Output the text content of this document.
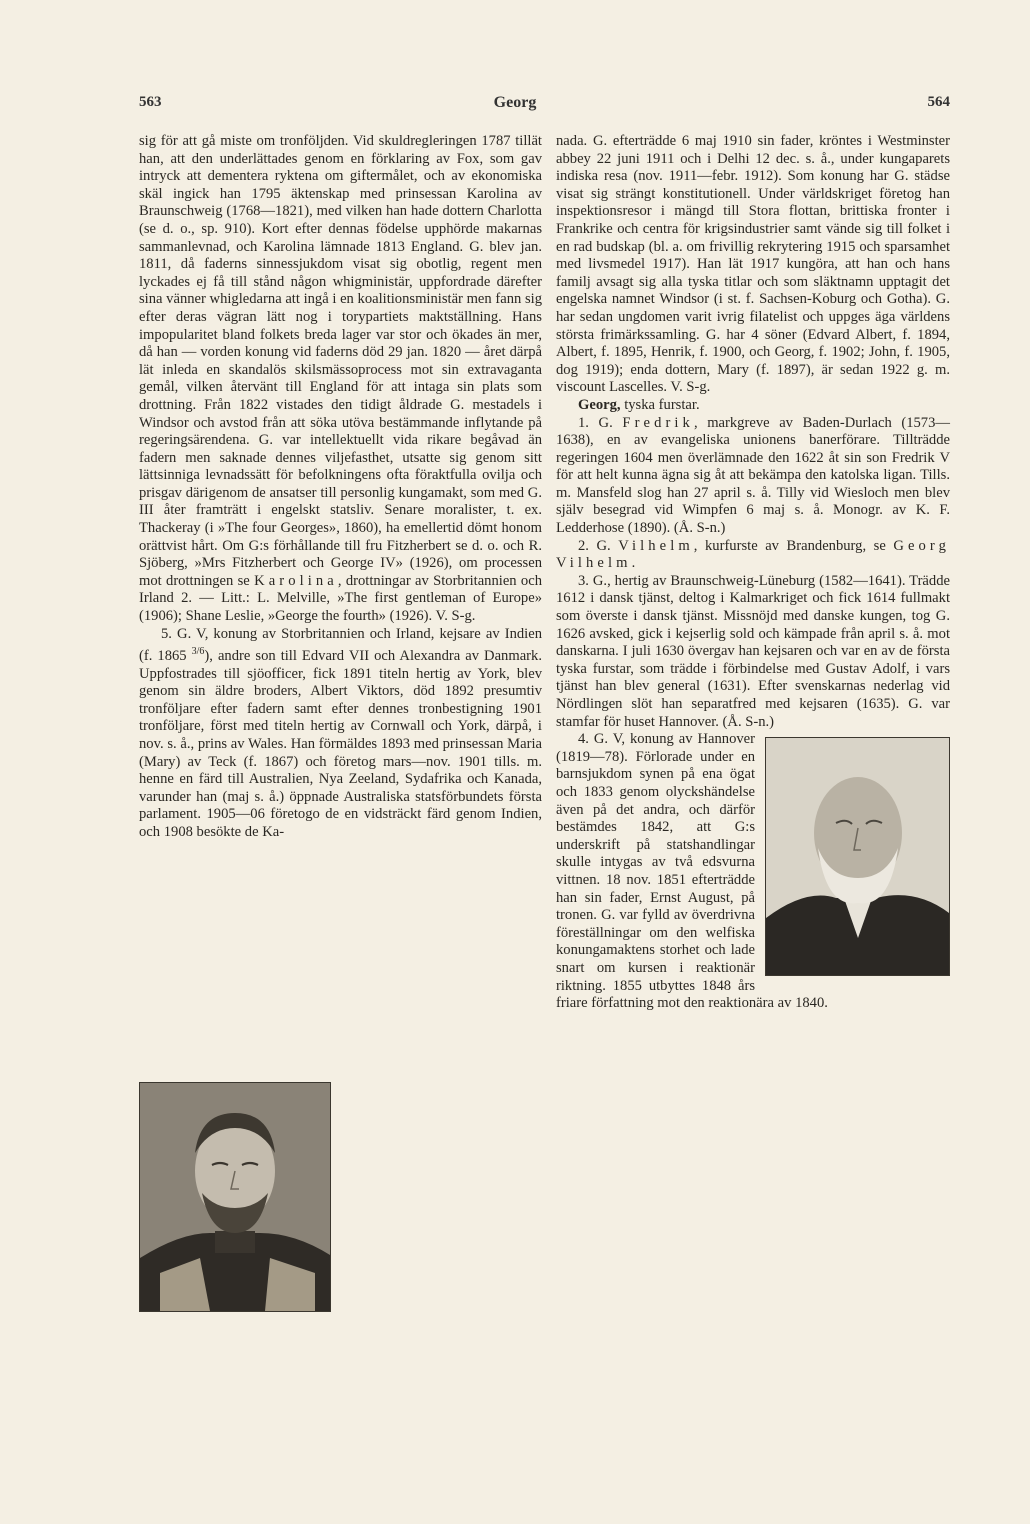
Georg
563	564

sig för att gå miste om tronföljden. Vid skuldregleringen 1787 tillät han, att den underlättades genom en förklaring av Fox, som gav intryck att dementera ryktena om giftermålet, och av ekonomiska skäl ingick han 1795 äktenskap med prinsessan Karolina av Braunschweig (1768—1821), med vilken han hade dottern Charlotta (se d. o., sp. 910). Kort efter dennas födelse upphörde makarnas sammanlevnad, och Karolina lämnade 1813 England. G. blev jan. 1811, då faderns sinnessjukdom visat sig obotlig, regent men lyckades ej få till stånd någon whigministär, uppfordrade därefter sina vänner whigledarna att ingå i en koalitionsministär men fann sig efter deras vägran lätt nog i torypartiets maktställning. Hans impopularitet bland folkets breda lager var stor och ökades än mer, då han — vorden konung vid faderns död 29 jan. 1820 — året därpå lät inleda en skandalös skilsmässoprocess mot sin extravaganta gemål, vilken återvänt till England för att intaga sin plats som drottning. Från 1822 vistades den tidigt åldrade G. mestadels i Windsor och avstod från att söka utöva bestämmande inflytande på regeringsärendena. G. var intellektuellt vida rikare begåvad än fadern men saknade dennes viljefasthet, utsatte sig genom sitt lättsinniga levnadssätt för befolkningens ofta föraktfulla ovilja och prisgav därigenom de ansatser till personlig kungamakt, som med G. III åter framträtt i engelskt statsliv. Senare moralister, t. ex. Thackeray (i »The four Georges», 1860), ha emellertid dömt honom orättvist hårt. Om G:s förhållande till fru Fitzherbert se d. o. och R. Sjöberg, »Mrs Fitzherbert och George IV» (1926), om processen mot drottningen se Karolina, drottningar av Storbritannien och Irland 2. — Litt.: L. Melville, »The first gentleman of Europe» (1906); Shane Leslie, »George the fourth» (1926). V. S-g.

5. G. V, konung av Storbritannien och Irland, kejsare av Indien (f. 1865 $^{3/6}$), andre son till Edvard VII och Alexandra av Danmark. Uppfostrades till sjöofficer, fick 1891 titeln hertig av York, blev genom sin äldre broders, Albert Viktors, död 1892 presumtiv tronföljare efter fadern samt efter dennes tronbestigning 1901 tronföljare, först med titeln hertig av Cornwall och York, därpå, i nov. s. å., prins av Wales. Han förmäldes 1893 med prinsessan Maria (Mary) av Teck (f. 1867) och företog mars—nov. 1901 tills. m. henne en färd till Australien, Nya Zeeland, Sydafrika och Kanada, varunder han (maj s. å.) öppnade Australiska statsförbundets första parlament. 1905—06 företogo de en vidsträckt färd genom Indien, och 1908 besökte de Ka-

nada. G. efterträdde 6 maj 1910 sin fader, kröntes i Westminster abbey 22 juni 1911 och i Delhi 12 dec. s. å., under kungaparets indiska resa (nov. 1911—febr. 1912). Som konung har G. städse visat sig strängt konstitutionell. Under världskriget företog han inspektionsresor i mängd till Stora flottan, brittiska fronter i Frankrike och centra för krigsindustrier samt vände sig till folket i en rad budskap (bl. a. om frivillig rekrytering 1915 och sparsamhet med livsmedel 1917). Han lät 1917 kungöra, att han och hans familj avsagt sig alla tyska titlar och som släktnamn upptagit det engelska namnet Windsor (i st. f. Sachsen-Koburg och Gotha). G. har sedan ungdomen varit ivrig filatelist och uppges äga världens största frimärkssamling. G. har 4 söner (Edvard Albert, f. 1894, Albert, f. 1895, Henrik, f. 1900, och Georg, f. 1902; John, f. 1905, dog 1919); enda dottern, Mary (f. 1897), är sedan 1922 g. m. viscount Lascelles. V. S-g.

Georg, tyska furstar.

1. G. Fredrik, markgreve av Baden-Durlach (1573—1638), en av evangeliska unionens banerförare. Tillträdde regeringen 1604 men överlämnade den 1622 åt sin son Fredrik V för att helt kunna ägna sig åt att bekämpa den katolska ligan. Tills. m. Mansfeld slog han 27 april s. å. Tilly vid Wiesloch men blev själv besegrad vid Wimpfen 6 maj s. å. Monogr. av K. F. Ledderhose (1890). (Å. S-n.)

2. G. Vilhelm, kurfurste av Brandenburg, se Georg Vilhelm.

3. G., hertig av Braunschweig-Lüneburg (1582—1641). Trädde 1612 i dansk tjänst, deltog i Kalmarkriget och fick 1614 fullmakt som överste i dansk tjänst. Missnöjd med danske kungen, tog G. 1626 avsked, gick i kejserlig sold och kämpade från april s. å. mot danskarna. I juli 1630 övergav han kejsaren och var en av de första tyska furstar, som trädde i förbindelse med Gustav Adolf, i vars tjänst han blev general (1631). Efter svenskarnas nederlag vid Nördlingen slöt han separatfred med kejsaren (1635). G. var stamfar för huset Hannover. (Å. S-n.)

4. G. V, konung av Hannover (1819—78). Förlorade under en barnsjukdom synen på ena ögat och 1833 genom olyckshändelse även på det andra, och därför bestämdes 1842, att G:s underskrift på statshandlingar skulle intygas av två edsvurna vittnen. 18 nov. 1851 efterträdde han sin fader, Ernst August, på tronen. G. var fylld av överdrivna föreställningar om den welfiska konungamaktens storhet och lade snart om kursen i reaktionär riktning. 1855 utbyttes 1848 års friare författning mot den reaktionära av 1840.
